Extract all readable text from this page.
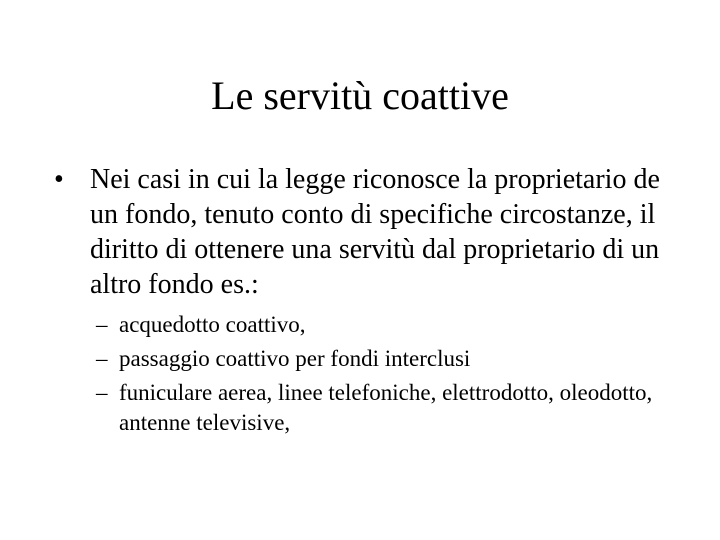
Le servitù coattive
• Nei casi in cui la legge riconosce la proprietario de un fondo, tenuto conto di specifiche circostanze, il diritto di ottenere una servitù dal proprietario di un altro fondo es.:
– acquedotto coattivo,
– passaggio coattivo per fondi interclusi
– funiculare aerea, linee telefoniche, elettrodotto, oleodotto, antenne televisive,
